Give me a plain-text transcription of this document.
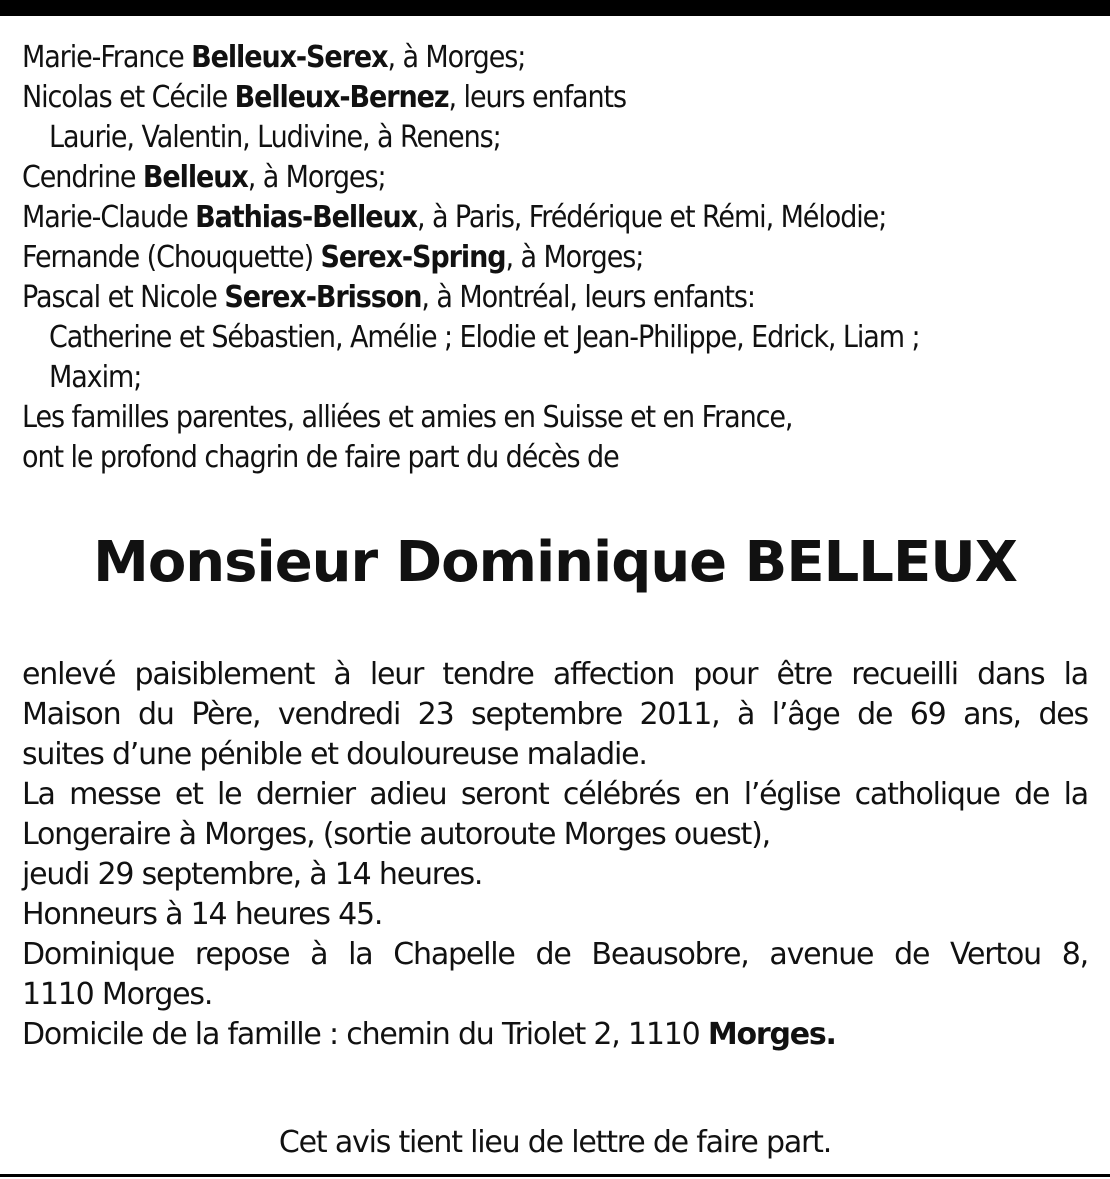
Marie-France Belleux-Serex, à Morges;
Nicolas et Cécile Belleux-Bernez, leurs enfants
Laurie, Valentin, Ludivine, à Renens;
Cendrine Belleux, à Morges;
Marie-Claude Bathias-Belleux, à Paris, Frédérique et Rémi, Mélodie;
Fernande (Chouquette) Serex-Spring, à Morges;
Pascal et Nicole Serex-Brisson, à Montréal, leurs enfants:
Catherine et Sébastien, Amélie ; Elodie et Jean-Philippe, Edrick, Liam ;
Maxim;
Les familles parentes, alliées et amies en Suisse et en France,
ont le profond chagrin de faire part du décès de
Monsieur Dominique BELLEUX
enlevé paisiblement à leur tendre affection pour être recueilli dans la
Maison du Père, vendredi 23 septembre 2011, à l’âge de 69 ans, des
suites d’une pénible et douloureuse maladie.
La messe et le dernier adieu seront célébrés en l’église catholique de la
Longeraire à Morges, (sortie autoroute Morges ouest),
jeudi 29 septembre, à 14 heures.
Honneurs à 14 heures 45.
Dominique repose à la Chapelle de Beausobre, avenue de Vertou 8,
1110 Morges.
Domicile de la famille : chemin du Triolet 2, 1110 Morges.
Cet avis tient lieu de lettre de faire part.
